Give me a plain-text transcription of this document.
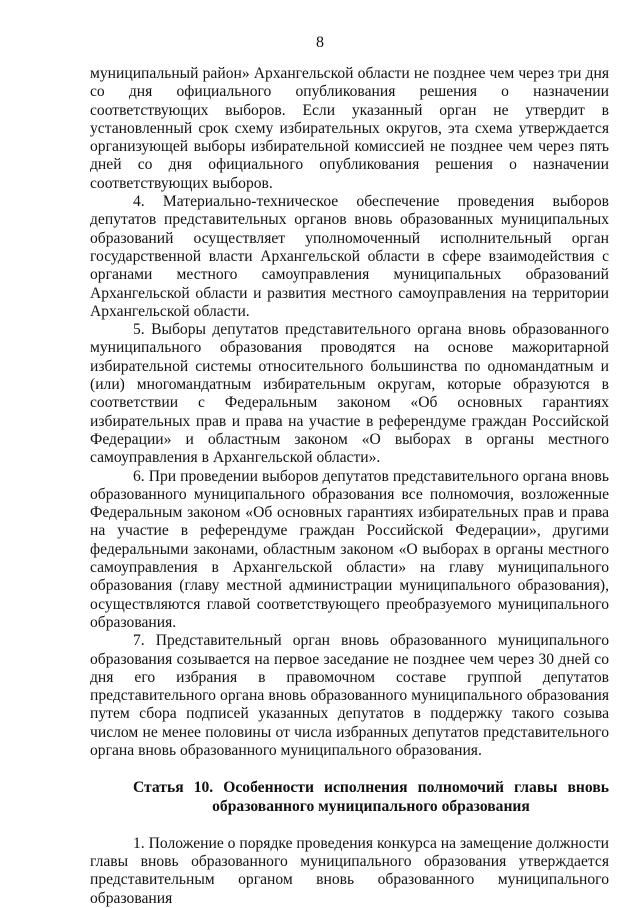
8

муниципальный район» Архангельской области не позднее чем через три дня со дня официального опубликования решения о назначении соответствующих выборов. Если указанный орган не утвердит в установленный срок схему избирательных округов, эта схема утверждается организующей выборы избирательной комиссией не позднее чем через пять дней со дня официального опубликования решения о назначении соответствующих выборов.

4. Материально-техническое обеспечение проведения выборов депутатов представительных органов вновь образованных муниципальных образований осуществляет уполномоченный исполнительный орган государственной власти Архангельской области в сфере взаимодействия с органами местного самоуправления муниципальных образований Архангельской области и развития местного самоуправления на территории Архангельской области.

5. Выборы депутатов представительного органа вновь образованного муниципального образования проводятся на основе мажоритарной избирательной системы относительного большинства по одномандатным и (или) многомандатным избирательным округам, которые образуются в соответствии с Федеральным законом «Об основных гарантиях избирательных прав и права на участие в референдуме граждан Российской Федерации» и областным законом «О выборах в органы местного самоуправления в Архангельской области».

6. При проведении выборов депутатов представительного органа вновь образованного муниципального образования все полномочия, возложенные Федеральным законом «Об основных гарантиях избирательных прав и права на участие в референдуме граждан Российской Федерации», другими федеральными законами, областным законом «О выборах в органы местного самоуправления в Архангельской области» на главу муниципального образования (главу местной администрации муниципального образования), осуществляются главой соответствующего преобразуемого муниципального образования.

7. Представительный орган вновь образованного муниципального образования созывается на первое заседание не позднее чем через 30 дней со дня его избрания в правомочном составе группой депутатов представительного органа вновь образованного муниципального образования путем сбора подписей указанных депутатов в поддержку такого созыва числом не менее половины от числа избранных депутатов представительного органа вновь образованного муниципального образования.

Статья 10. Особенности исполнения полномочий главы вновь
образованного муниципального образования

1. Положение о порядке проведения конкурса на замещение должности главы вновь образованного муниципального образования утверждается представительным органом вновь образованного муниципального образования
